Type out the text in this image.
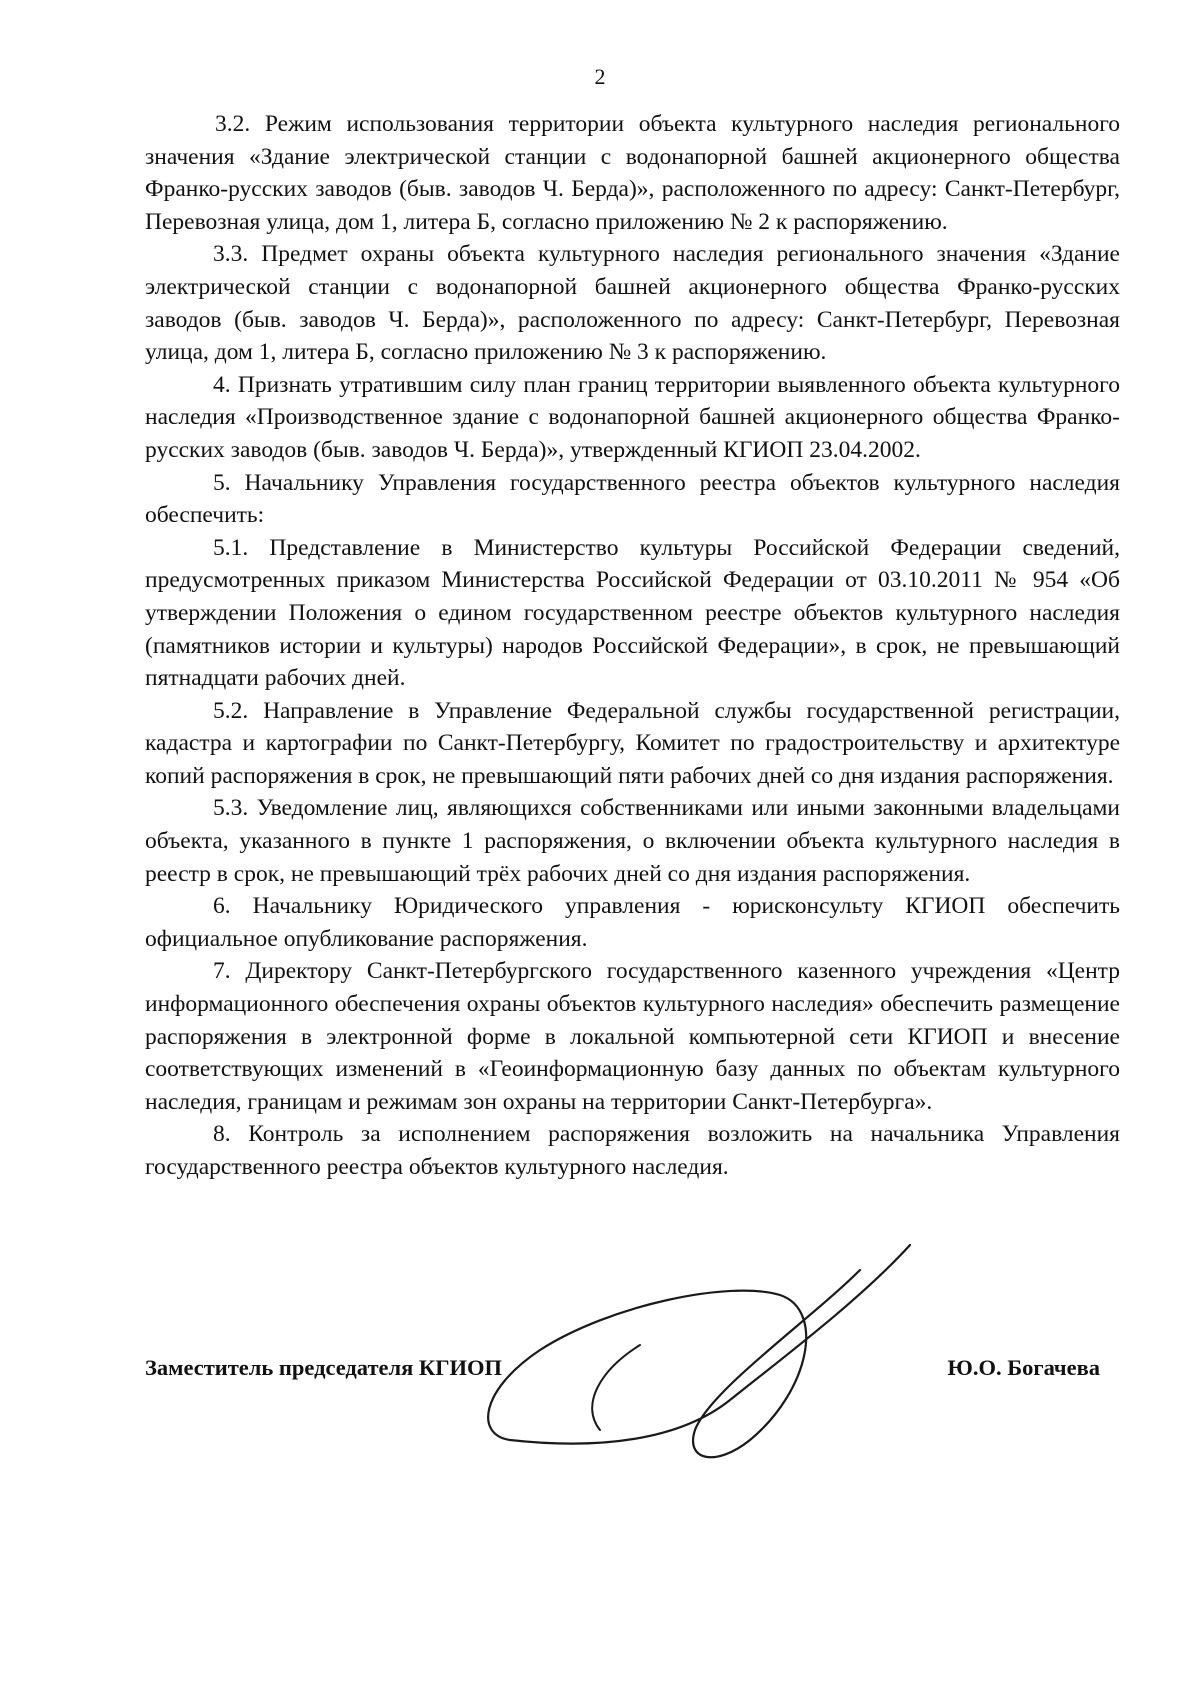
2

3.2. Режим использования территории объекта культурного наследия регионального значения «Здание электрической станции с водонапорной башней акционерного общества Франко-русских заводов (быв. заводов Ч. Берда)», расположенного по адресу: Санкт-Петербург, Перевозная улица, дом 1, литера Б, согласно приложению № 2 к распоряжению.

3.3. Предмет охраны объекта культурного наследия регионального значения «Здание электрической станции с водонапорной башней акционерного общества Франко-русских заводов (быв. заводов Ч. Берда)», расположенного по адресу: Санкт-Петербург, Перевозная улица, дом 1, литера Б, согласно приложению № 3 к распоряжению.

4. Признать утратившим силу план границ территории выявленного объекта культурного наследия «Производственное здание с водонапорной башней акционерного общества Франко-русских заводов (быв. заводов Ч. Берда)», утвержденный КГИОП 23.04.2002.

5. Начальнику Управления государственного реестра объектов культурного наследия обеспечить:

5.1. Представление в Министерство культуры Российской Федерации сведений, предусмотренных приказом Министерства Российской Федерации от 03.10.2011 № 954 «Об утверждении Положения о едином государственном реестре объектов культурного наследия (памятников истории и культуры) народов Российской Федерации», в срок, не превышающий пятнадцати рабочих дней.

5.2. Направление в Управление Федеральной службы государственной регистрации, кадастра и картографии по Санкт-Петербургу, Комитет по градостроительству и архитектуре копий распоряжения в срок, не превышающий пяти рабочих дней со дня издания распоряжения.

5.3. Уведомление лиц, являющихся собственниками или иными законными владельцами объекта, указанного в пункте 1 распоряжения, о включении объекта культурного наследия в реестр в срок, не превышающий трёх рабочих дней со дня издания распоряжения.

6. Начальнику Юридического управления - юрисконсульту КГИОП обеспечить официальное опубликование распоряжения.

7. Директору Санкт-Петербургского государственного казенного учреждения «Центр информационного обеспечения охраны объектов культурного наследия» обеспечить размещение распоряжения в электронной форме в локальной компьютерной сети КГИОП и внесение соответствующих изменений в «Геоинформационную базу данных по объектам культурного наследия, границам и режимам зон охраны на территории Санкт-Петербурга».

8. Контроль за исполнением распоряжения возложить на начальника Управления государственного реестра объектов культурного наследия.

Заместитель председателя КГИОП	Ю.О. Богачева
